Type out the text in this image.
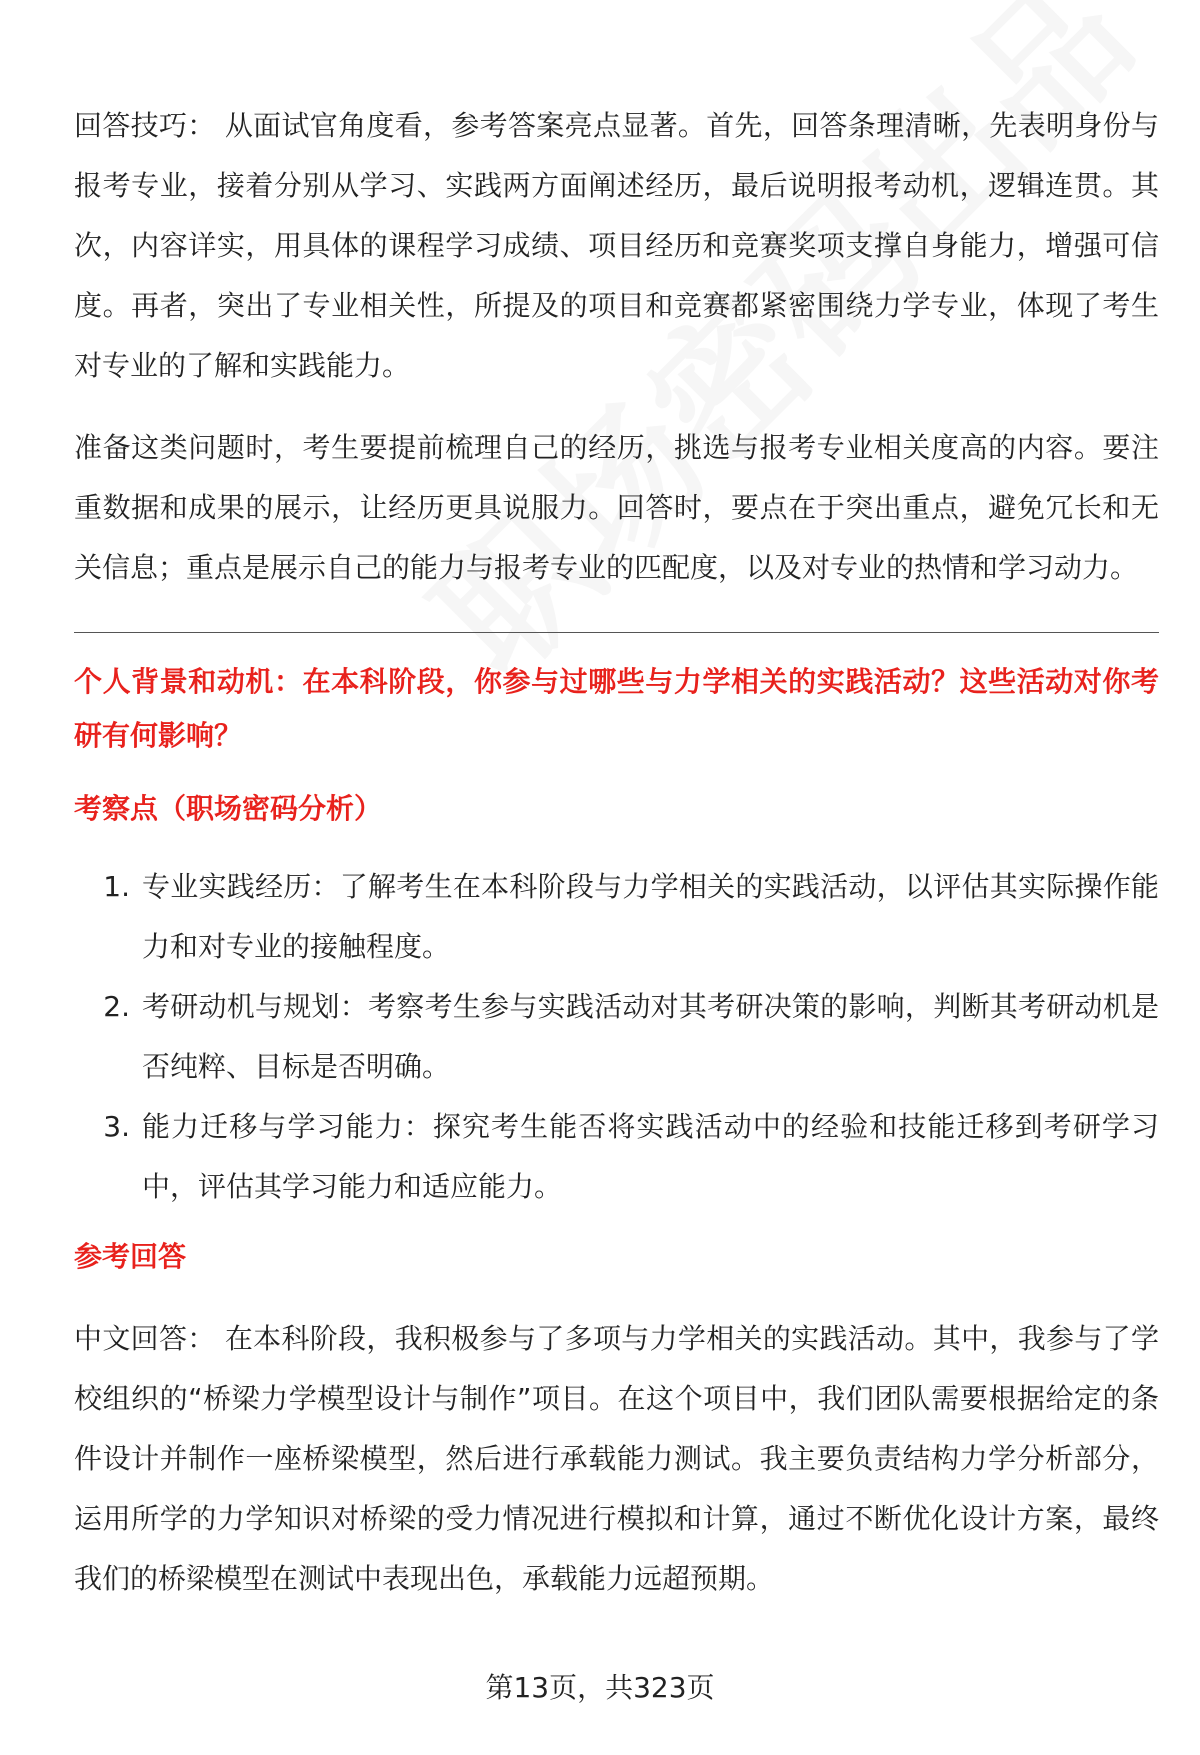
回答技巧： 从面试官角度看，参考答案亮点显著。首先，回答条理清晰，先表明身份与报考专业，接着分别从学习、实践两方面阐述经历，最后说明报考动机，逻辑连贯。其次，内容详实，用具体的课程学习成绩、项目经历和竞赛奖项支撑自身能力，增强可信度。再者，突出了专业相关性，所提及的项目和竞赛都紧密围绕力学专业，体现了考生对专业的了解和实践能力。

准备这类问题时，考生要提前梳理自己的经历，挑选与报考专业相关度高的内容。要注重数据和成果的展示，让经历更具说服力。回答时，要点在于突出重点，避免冗长和无关信息；重点是展示自己的能力与报考专业的匹配度，以及对专业的热情和学习动力。

个人背景和动机：在本科阶段，你参与过哪些与力学相关的实践活动？这些活动对你考研有何影响？

考察点（职场密码分析）

1. 专业实践经历：了解考生在本科阶段与力学相关的实践活动，以评估其实际操作能力和对专业的接触程度。
2. 考研动机与规划：考察考生参与实践活动对其考研决策的影响，判断其考研动机是否纯粹、目标是否明确。
3. 能力迁移与学习能力：探究考生能否将实践活动中的经验和技能迁移到考研学习中，评估其学习能力和适应能力。

参考回答

中文回答： 在本科阶段，我积极参与了多项与力学相关的实践活动。其中，我参与了学校组织的“桥梁力学模型设计与制作”项目。在这个项目中，我们团队需要根据给定的条件设计并制作一座桥梁模型，然后进行承载能力测试。我主要负责结构力学分析部分，运用所学的力学知识对桥梁的受力情况进行模拟和计算，通过不断优化设计方案，最终我们的桥梁模型在测试中表现出色，承载能力远超预期。

第13页，共323页
